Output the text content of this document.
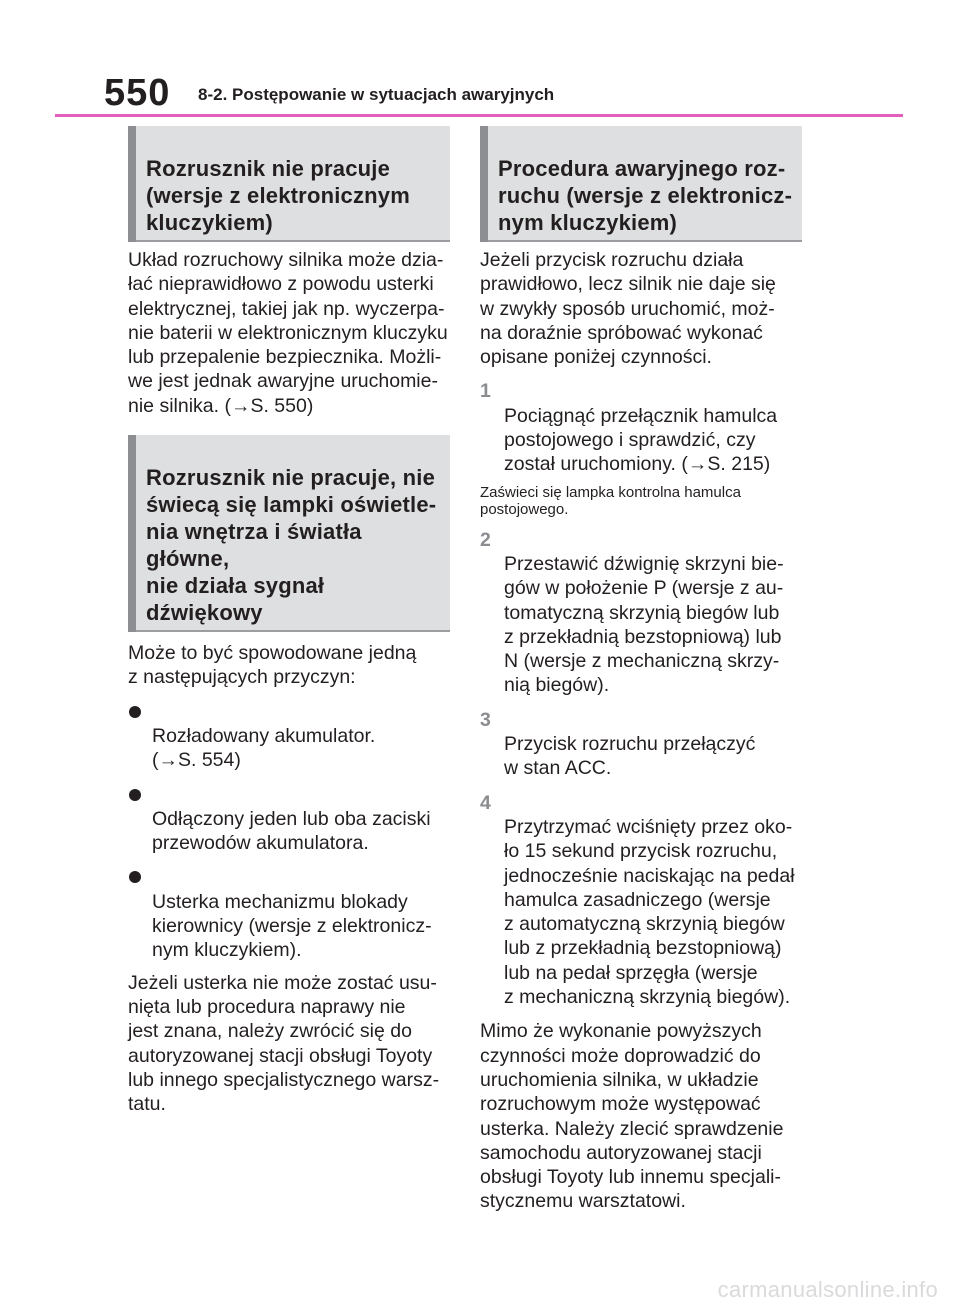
550 8-2. Postępowanie w sytuacjach awaryjnych

Rozrusznik nie pracuje
(wersje z elektronicznym
kluczykiem)

Układ rozruchowy silnika może dzia-
łać nieprawidłowo z powodu usterki
elektrycznej, takiej jak np. wyczerpa-
nie baterii w elektronicznym kluczyku
lub przepalenie bezpiecznika. Możli-
we jest jednak awaryjne uruchomie-
nie silnika. (→S. 550)

Rozrusznik nie pracuje, nie
świecą się lampki oświetle-
nia wnętrza i światła główne,
nie działa sygnał dźwiękowy

Może to być spowodowane jedną
z następujących przyczyn:

Rozładowany akumulator.
(→S. 554)

Odłączony jeden lub oba zaciski
przewodów akumulatora.

Usterka mechanizmu blokady
kierownicy (wersje z elektronicz-
nym kluczykiem).

Jeżeli usterka nie może zostać usu-
nięta lub procedura naprawy nie
jest znana, należy zwrócić się do
autoryzowanej stacji obsługi Toyoty
lub innego specjalistycznego warsz-
tatu.

Procedura awaryjnego roz-
ruchu (wersje z elektronicz-
nym kluczykiem)

Jeżeli przycisk rozruchu działa
prawidłowo, lecz silnik nie daje się
w zwykły sposób uruchomić, moż-
na doraźnie spróbować wykonać
opisane poniżej czynności.

1
Pociągnąć przełącznik hamulca
postojowego i sprawdzić, czy
został uruchomiony. (→S. 215)

Zaświeci się lampka kontrolna hamulca
postojowego.

2
Przestawić dźwignię skrzyni bie-
gów w położenie P (wersje z au-
tomatyczną skrzynią biegów lub
z przekładnią bezstopniową) lub
N (wersje z mechaniczną skrzy-
nią biegów).

3
Przycisk rozruchu przełączyć
w stan ACC.

4
Przytrzymać wciśnięty przez oko-
ło 15 sekund przycisk rozruchu,
jednocześnie naciskając na pedał
hamulca zasadniczego (wersje
z automatyczną skrzynią biegów
lub z przekładnią bezstopniową)
lub na pedał sprzęgła (wersje
z mechaniczną skrzynią biegów).

Mimo że wykonanie powyższych
czynności może doprowadzić do
uruchomienia silnika, w układzie
rozruchowym może występować
usterka. Należy zlecić sprawdzenie
samochodu autoryzowanej stacji
obsługi Toyoty lub innemu specjali-
stycznemu warsztatowi.

carmanualsonline.info
